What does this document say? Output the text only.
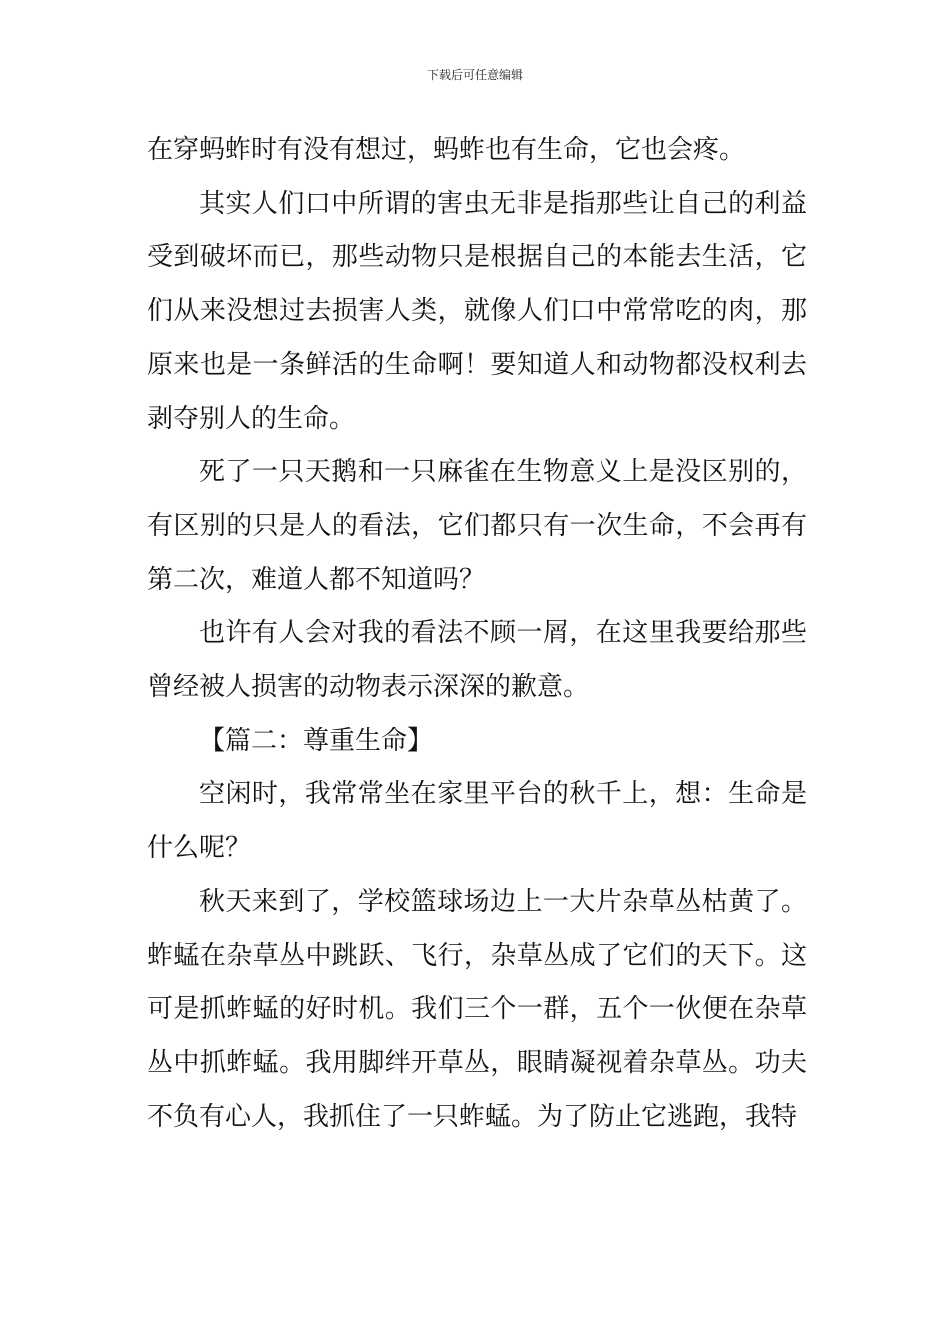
下载后可任意编辑

在穿蚂蚱时有没有想过，蚂蚱也有生命，它也会疼。

其实人们口中所谓的害虫无非是指那些让自己的利益受到破坏而已，那些动物只是根据自己的本能去生活，它们从来没想过去损害人类，就像人们口中常常吃的肉，那原来也是一条鲜活的生命啊！要知道人和动物都没权利去剥夺别人的生命。

死了一只天鹅和一只麻雀在生物意义上是没区别的，有区别的只是人的看法，它们都只有一次生命，不会再有第二次，难道人都不知道吗？

也许有人会对我的看法不顾一屑，在这里我要给那些曾经被人损害的动物表示深深的歉意。

【篇二：尊重生命】

空闲时，我常常坐在家里平台的秋千上，想：生命是什么呢？

秋天来到了，学校篮球场边上一大片杂草丛枯黄了。蚱蜢在杂草丛中跳跃、飞行，杂草丛成了它们的天下。这可是抓蚱蜢的好时机。我们三个一群，五个一伙便在杂草丛中抓蚱蜢。我用脚绊开草丛，眼睛凝视着杂草丛。功夫不负有心人，我抓住了一只蚱蜢。为了防止它逃跑，我特
